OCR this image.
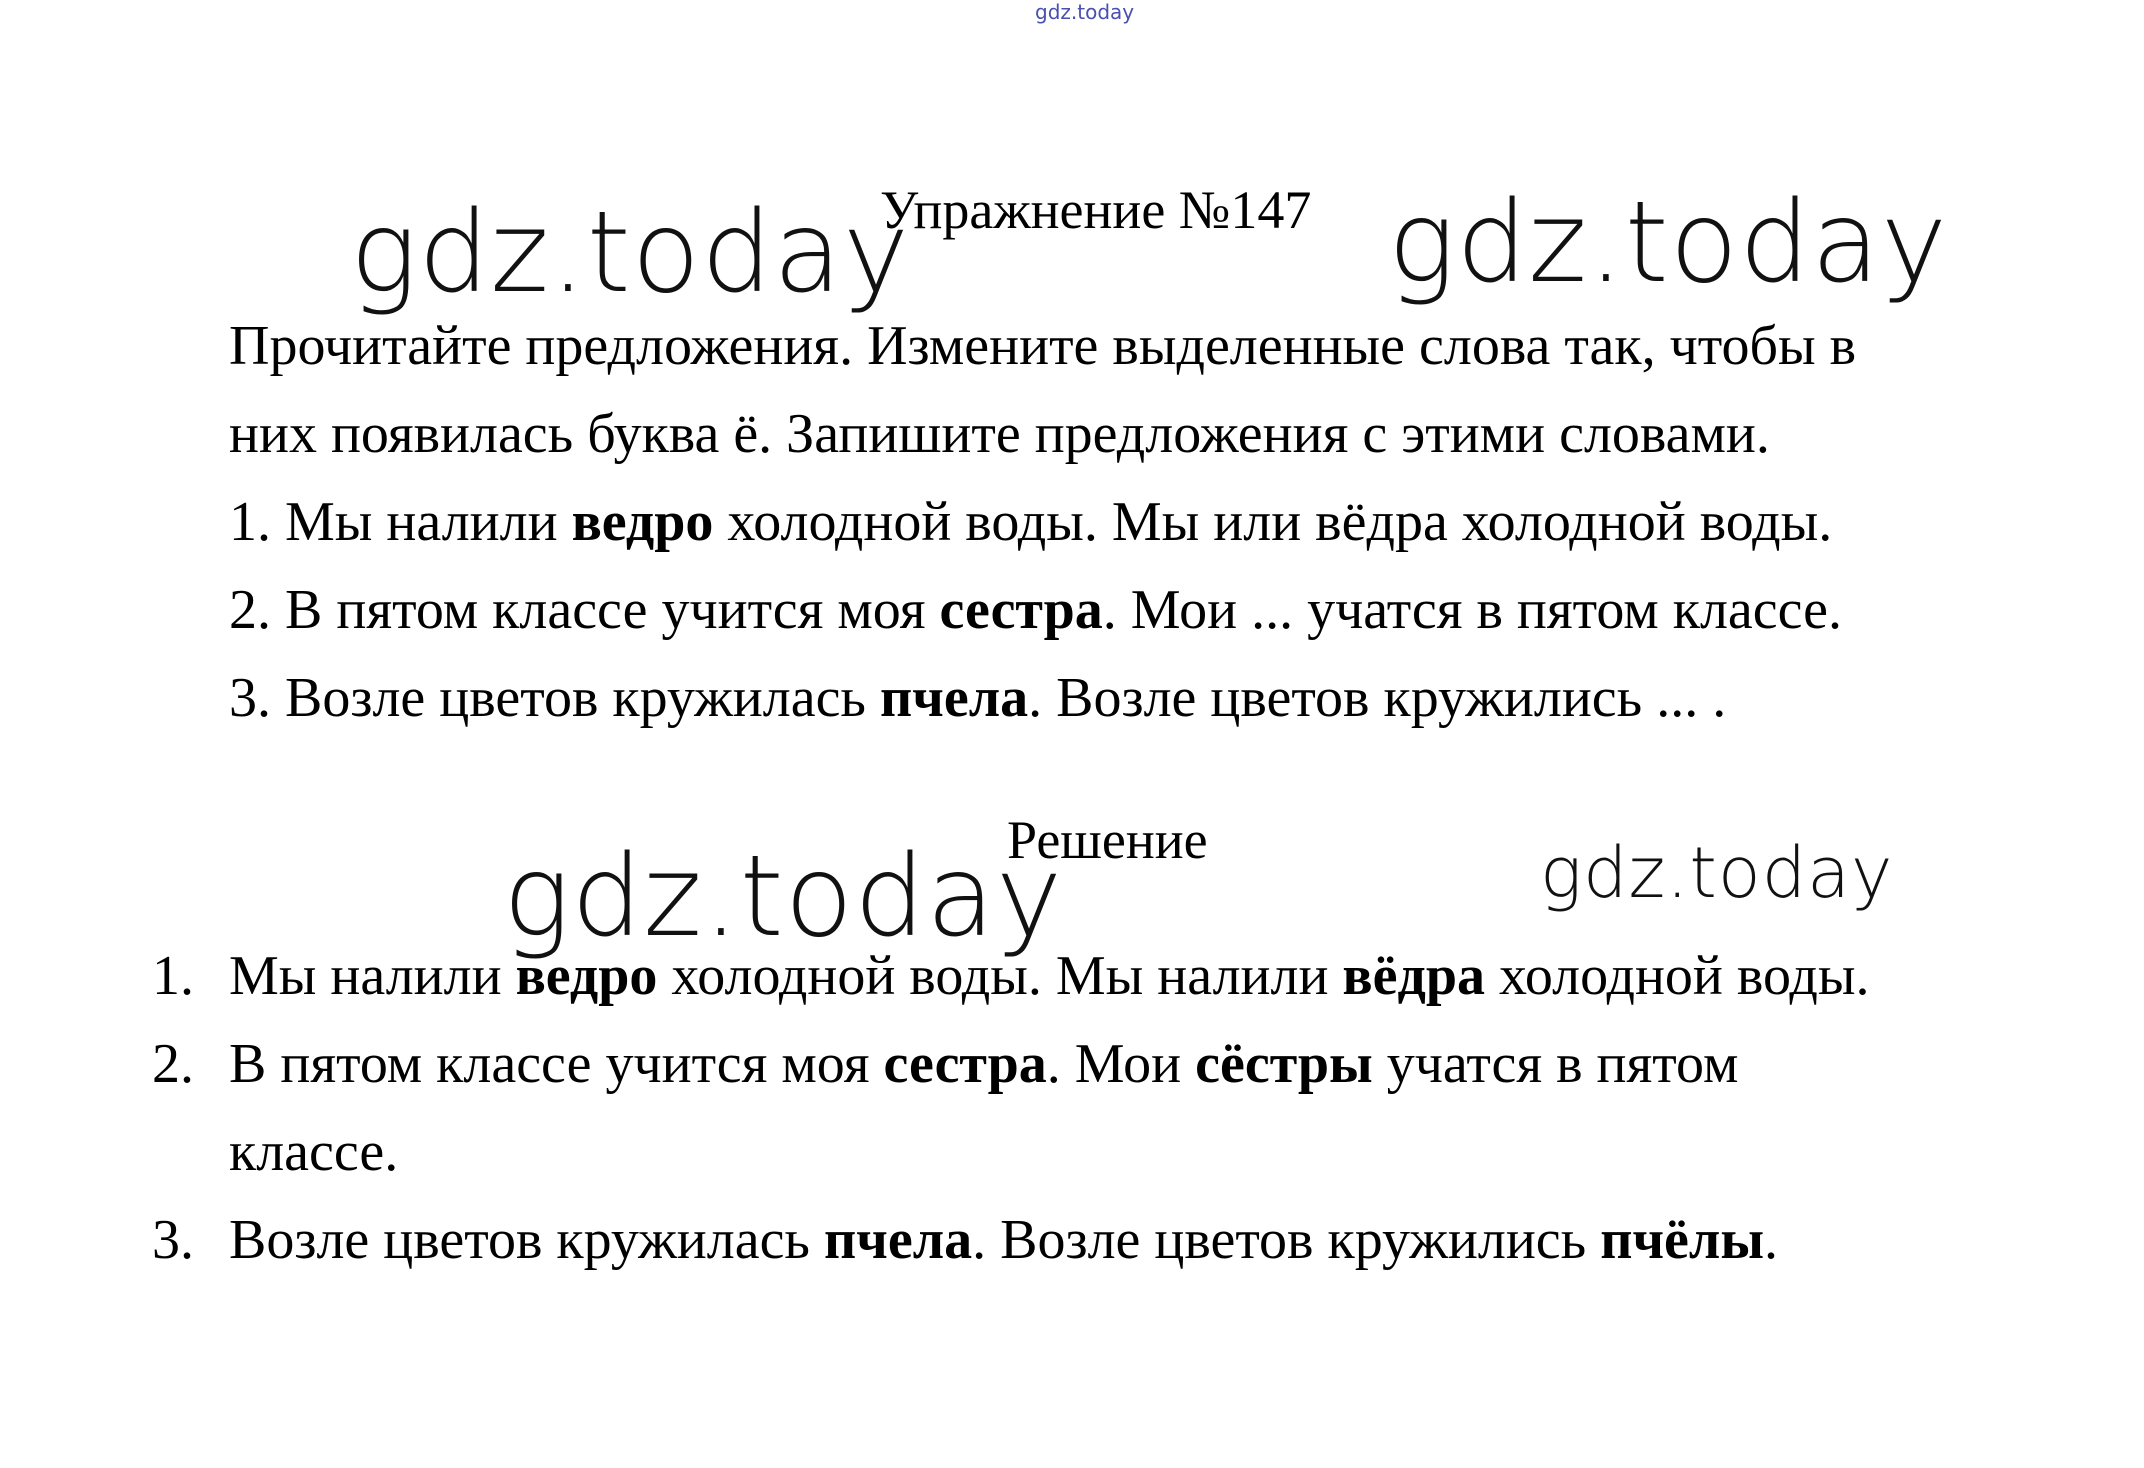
gdz.today
gdz.today	gdz.today
gdz.today	gdz.today
Упражнение №147
Прочитайте предложения. Измените выделенные слова так, чтобы в
них появилась буква ё. Запишите предложения с этими словами.
1. Мы налили ведро холодной воды. Мы или вёдра холодной воды.
2. В пятом классе учится моя сестра. Мои ... учатся в пятом классе.
3. Возле цветов кружилась пчела. Возле цветов кружились ... .
Решение
1. Мы налили ведро холодной воды. Мы налили вёдра холодной воды.
2. В пятом классе учится моя сестра. Мои сёстры учатся в пятом
классе.
3. Возле цветов кружилась пчела. Возле цветов кружились пчёлы.
